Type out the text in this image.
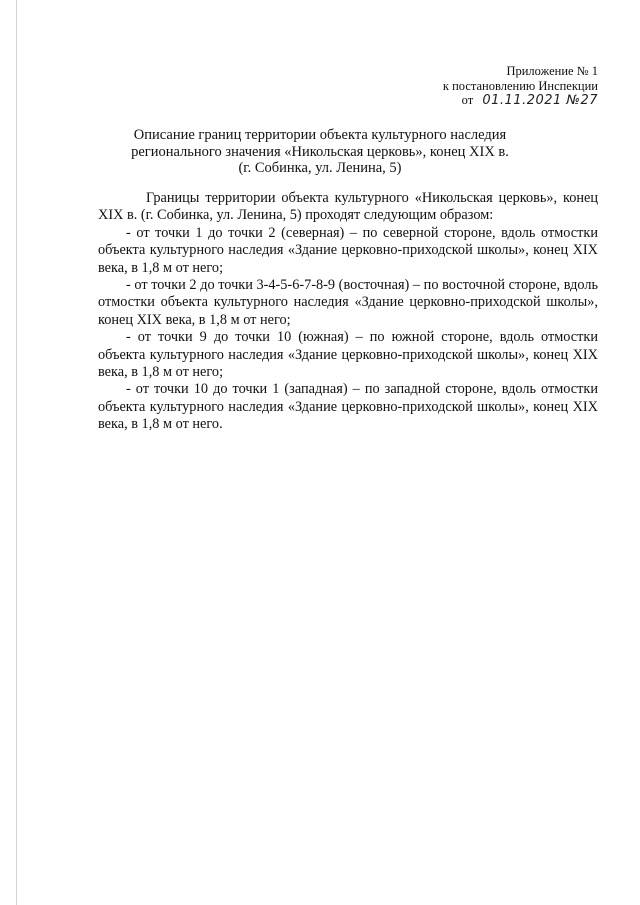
Приложение № 1
к постановлению Инспекции
от 01.11.2021 №27
Описание границ территории объекта культурного наследия
регионального значения «Никольская церковь», конец XIX в.
(г. Собинка, ул. Ленина, 5)

Границы территории объекта культурного «Никольская церковь», конец XIX в. (г. Собинка, ул. Ленина, 5) проходят следующим образом:

- от точки 1 до точки 2 (северная) – по северной стороне, вдоль отмостки объекта культурного наследия «Здание церковно-приходской школы», конец XIX века, в 1,8 м от него;

- от точки 2 до точки 3-4-5-6-7-8-9 (восточная) – по восточной стороне, вдоль отмостки объекта культурного наследия «Здание церковно-приходской школы», конец XIX века, в 1,8 м от него;

- от точки 9 до точки 10 (южная) – по южной стороне, вдоль отмостки объекта культурного наследия «Здание церковно-приходской школы», конец XIX века, в 1,8 м от него;

- от точки 10 до точки 1 (западная) – по западной стороне, вдоль отмостки объекта культурного наследия «Здание церковно-приходской школы», конец XIX века, в 1,8 м от него.
